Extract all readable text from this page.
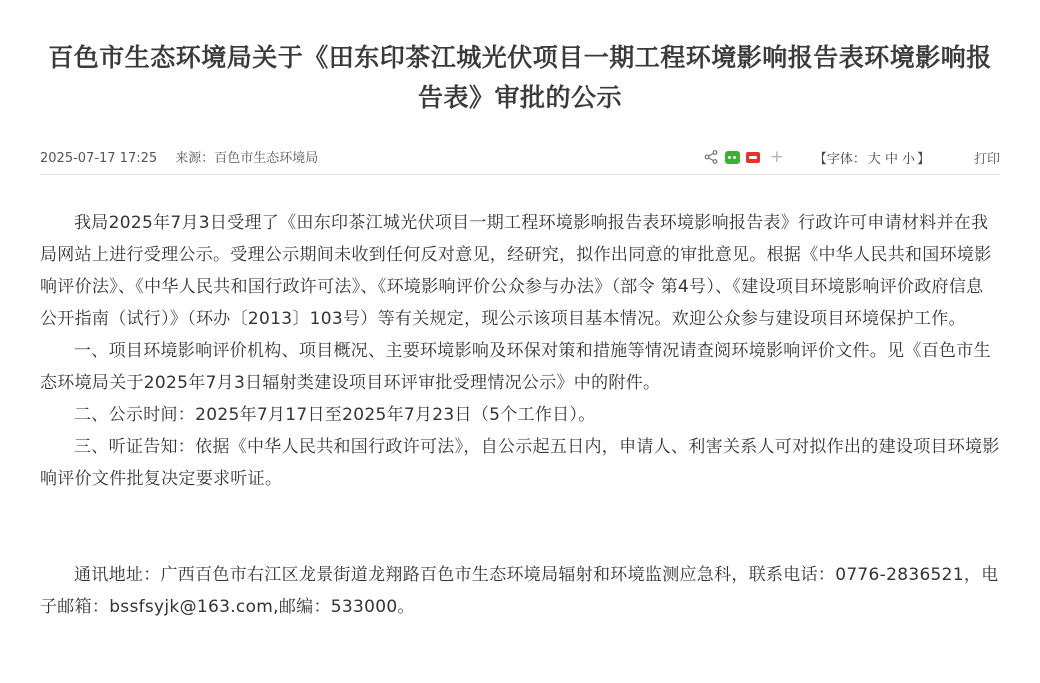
百色市生态环境局关于《田东印茶江城光伏项目一期工程环境影响报告表环境影响报告表》审批的公示
2025-07-17 17:25 来源：百色市生态环境局	+ 【字体： 大 中 小 】	打印

我局2025年7月3日受理了《田东印茶江城光伏项目一期工程环境影响报告表环境影响报告表》行政许可申请材料并在我局网站上进行受理公示。受理公示期间未收到任何反对意见，经研究，拟作出同意的审批意见。根据《中华人民共和国环境影响评价法》、《中华人民共和国行政许可法》、《环境影响评价公众参与办法》（部令 第4号）、《建设项目环境影响评价政府信息公开指南（试行）》（环办〔2013〕103号）等有关规定，现公示该项目基本情况。欢迎公众参与建设项目环境保护工作。

一、项目环境影响评价机构、项目概况、主要环境影响及环保对策和措施等情况请查阅环境影响评价文件。见《百色市生态环境局关于2025年7月3日辐射类建设项目环评审批受理情况公示》中的附件。

二、公示时间：2025年7月17日至2025年7月23日（5个工作日）。

三、听证告知：依据《中华人民共和国行政许可法》，自公示起五日内，申请人、利害关系人可对拟作出的建设项目环境影响评价文件批复决定要求听证。

通讯地址：广西百色市右江区龙景街道龙翔路百色市生态环境局辐射和环境监测应急科，联系电话：0776-2836521，电子邮箱：bssfsyjk@163.com,邮编：533000。
